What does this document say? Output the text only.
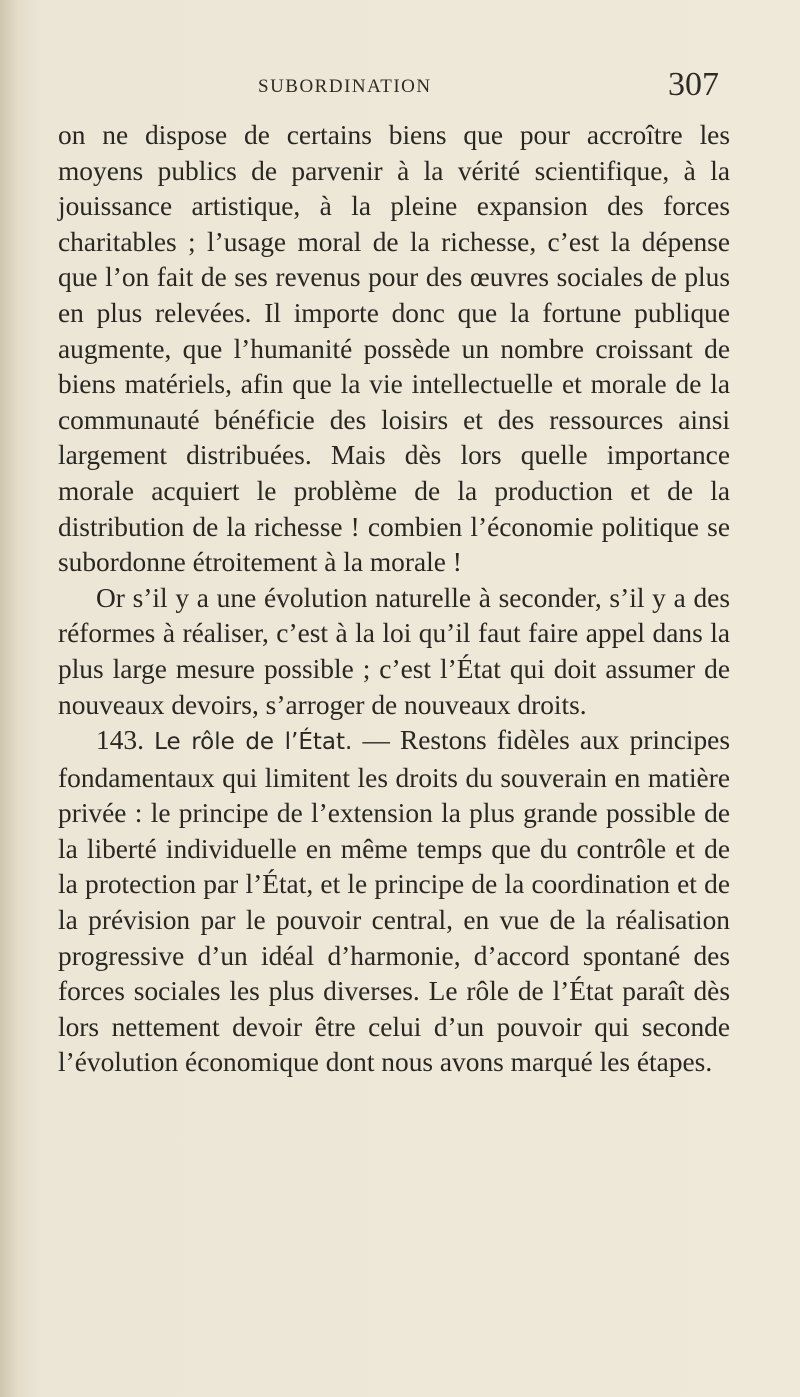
SUBORDINATION	307

on ne dispose de certains biens que pour accroître les moyens publics de parvenir à la vérité scientifique, à la jouissance artistique, à la pleine expansion des forces charitables ; l’usage moral de la richesse, c’est la dépense que l’on fait de ses revenus pour des œuvres sociales de plus en plus relevées. Il importe donc que la fortune publique augmente, que l’humanité possède un nombre croissant de biens matériels, afin que la vie intellectuelle et morale de la communauté bénéficie des loisirs et des ressources ainsi largement distribuées. Mais dès lors quelle importance morale acquiert le problème de la production et de la distribution de la richesse ! combien l’économie politique se subordonne étroitement à la morale !

Or s’il y a une évolution naturelle à seconder, s’il y a des réformes à réaliser, c’est à la loi qu’il faut faire appel dans la plus large mesure possible ; c’est l’État qui doit assumer de nouveaux devoirs, s’arroger de nouveaux droits.

143. Le rôle de l’État. — Restons fidèles aux principes fondamentaux qui limitent les droits du souverain en matière privée : le principe de l’extension la plus grande possible de la liberté individuelle en même temps que du contrôle et de la protection par l’État, et le principe de la coordination et de la prévision par le pouvoir central, en vue de la réalisation progressive d’un idéal d’harmonie, d’accord spontané des forces sociales les plus diverses. Le rôle de l’État paraît dès lors nettement devoir être celui d’un pouvoir qui seconde l’évolution économique dont nous avons marqué les étapes.
